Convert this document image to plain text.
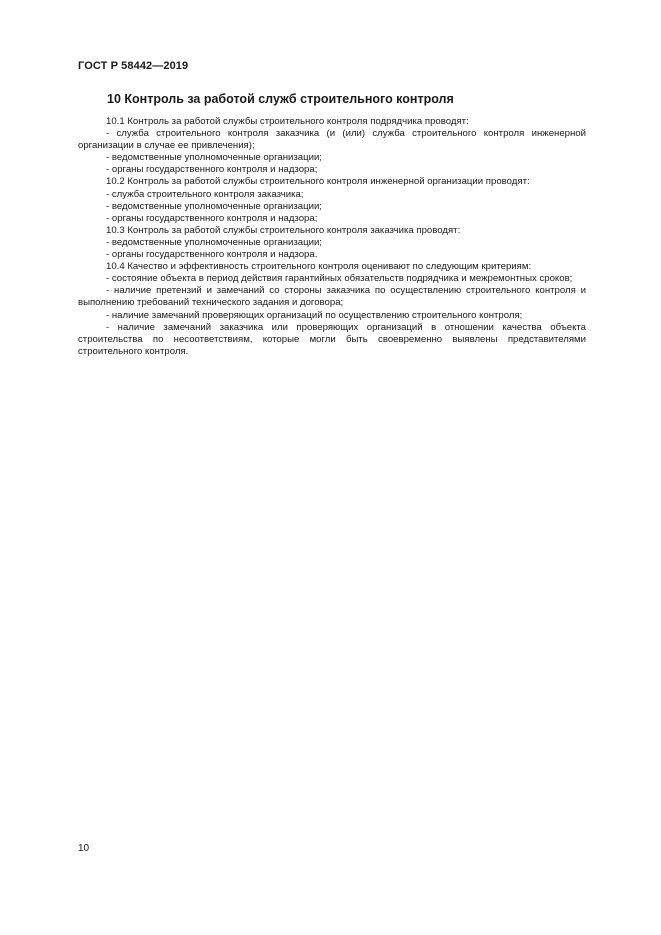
ГОСТ Р 58442—2019
10 Контроль за работой служб строительного контроля

10.1 Контроль за работой службы строительного контроля подрядчика проводят:

- служба строительного контроля заказчика (и (или) служба строительного контроля инженерной организации в случае ее привлечения);

- ведомственные уполномоченные организации;

- органы государственного контроля и надзора;

10.2 Контроль за работой службы строительного контроля инженерной организации проводят:

- служба строительного контроля заказчика;

- ведомственные уполномоченные организации;

- органы государственного контроля и надзора;

10.3 Контроль за работой службы строительного контроля заказчика проводят:

- ведомственные уполномоченные организации;

- органы государственного контроля и надзора.

10.4 Качество и эффективность строительного контроля оценивают по следующим критериям:

- состояние объекта в период действия гарантийных обязательств подрядчика и межремонтных сроков;

- наличие претензий и замечаний со стороны заказчика по осуществлению строительного контроля и выполнению требований технического задания и договора;

- наличие замечаний проверяющих организаций по осуществлению строительного контроля;

- наличие замечаний заказчика или проверяющих организаций в отношении качества объекта строительства по несоответствиям, которые могли быть своевременно выявлены представителями строительного контроля.

10
